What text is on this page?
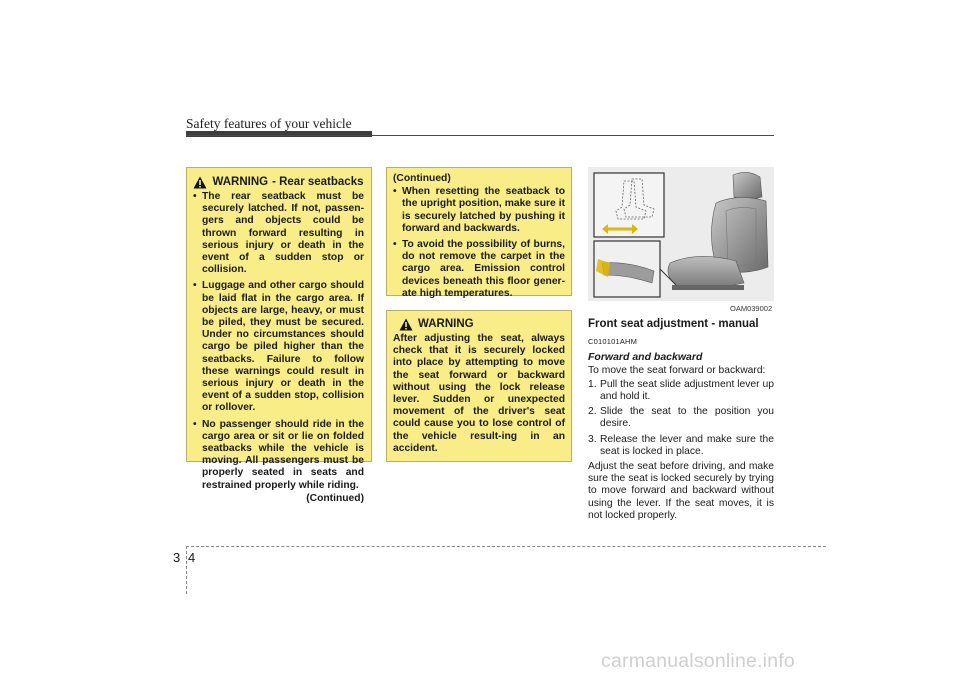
Safety features of your vehicle
WARNING - Rear seatbacks
• The rear seatback must be securely latched. If not, passen-gers and objects could be thrown forward resulting in serious injury or death in the event of a sudden stop or collision.
• Luggage and other cargo should be laid flat in the cargo area. If objects are large, heavy, or must be piled, they must be secured. Under no circumstances should cargo be piled higher than the seatbacks. Failure to follow these warnings could result in serious injury or death in the event of a sudden stop, collision or rollover.
• No passenger should ride in the cargo area or sit or lie on folded seatbacks while the vehicle is moving. All passengers must be properly seated in seats and restrained properly while riding.
(Continued)
(Continued)
• When resetting the seatback to the upright position, make sure it is securely latched by pushing it forward and backwards.
• To avoid the possibility of burns, do not remove the carpet in the cargo area. Emission control devices beneath this floor gener-ate high temperatures.
WARNING

After adjusting the seat, always check that it is securely locked into place by attempting to move the seat forward or backward without using the lock release lever. Sudden or unexpected movement of the driver's seat could cause you to lose control of the vehicle result-ing in an accident.

OAM039002
Front seat adjustment - manual
C010101AHM
Forward and backward

To move the seat forward or backward:

1. Pull the seat slide adjustment lever up and hold it.
2. Slide the seat to the position you desire.
3. Release the lever and make sure the seat is locked in place.

Adjust the seat before driving, and make sure the seat is locked securely by trying to move forward and backward without using the lever. If the seat moves, it is not locked properly.

3 4
carmanualsonline.info
